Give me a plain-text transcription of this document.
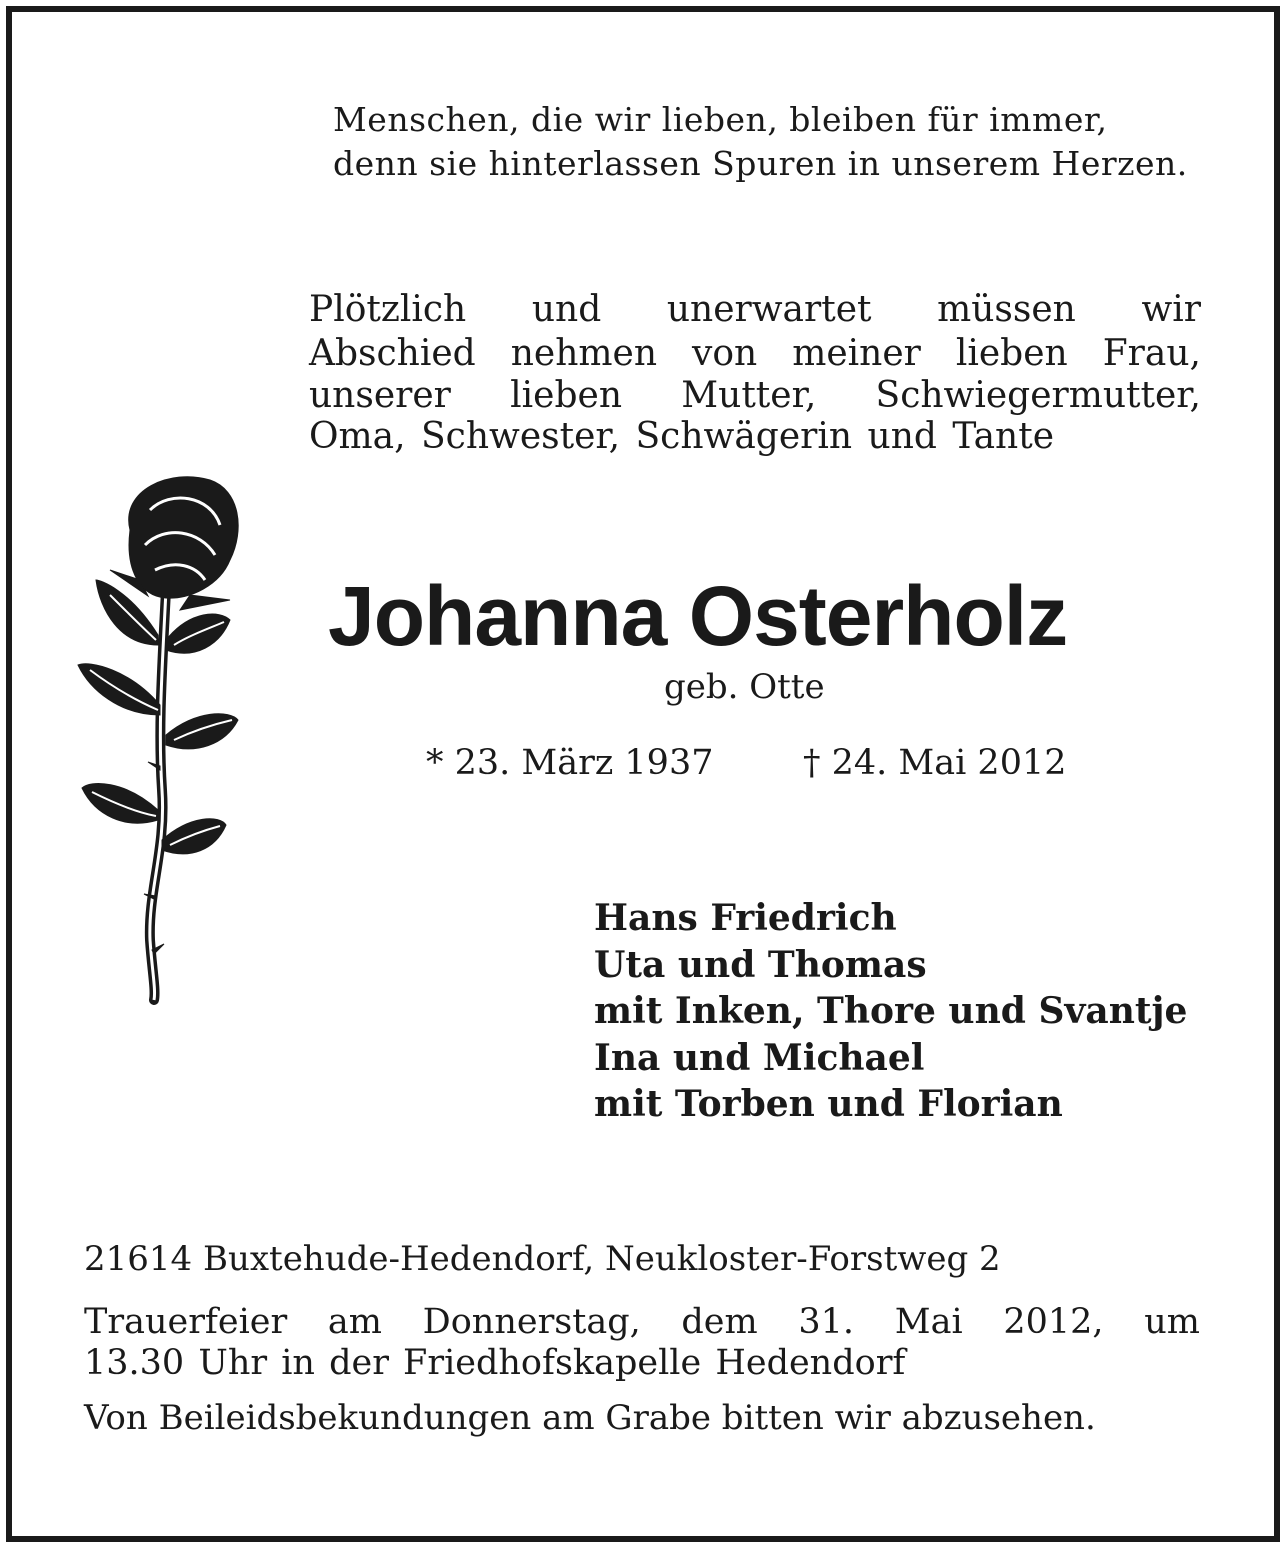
Menschen, die wir lieben, bleiben für immer,
denn sie hinterlassen Spuren in unserem Herzen.
Plötzlich und unerwartet müssen wir
Abschied nehmen von meiner lieben Frau,
unserer lieben Mutter, Schwiegermutter,
Oma, Schwester, Schwägerin und Tante
Johanna Osterholz
geb. Otte
* 23. März 1937	† 24. Mai 2012
Hans Friedrich
Uta und Thomas
mit Inken, Thore und Svantje
Ina und Michael
mit Torben und Florian
21614 Buxtehude-Hedendorf, Neukloster-Forstweg 2
Trauerfeier am Donnerstag, dem 31. Mai 2012, um
13.30 Uhr in der Friedhofskapelle Hedendorf
Von Beileidsbekundungen am Grabe bitten wir abzusehen.
